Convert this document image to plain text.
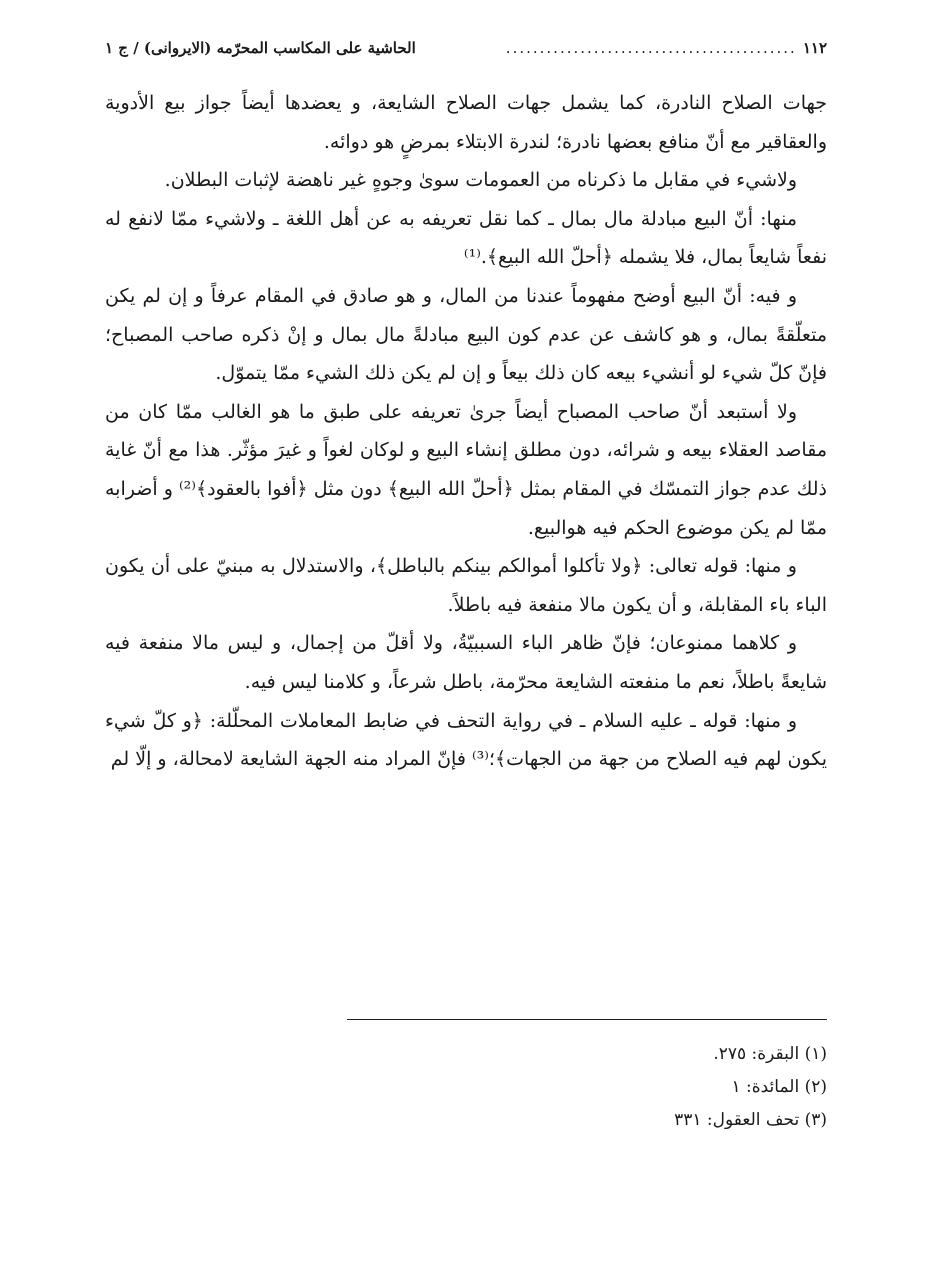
١١٢
...........................................
الحاشية على المكاسب المحرّمه (الايروانى) / ج ١

جهات الصلاح النادرة، كما يشمل جهات الصلاح الشايعة، و يعضدها أيضاً جواز بيع الأدوية والعقاقير مع أنّ منافع بعضها نادرة؛ لندرة الابتلاء بمرضٍ هو دوائه.

ولاشيء في مقابل ما ذكرناه من العمومات سوىٰ وجوهٍ غير ناهضة لإثبات البطلان.

منها: أنّ البيع مبادلة مال بمال ـ كما نقل تعريفه به عن أهل اللغة ـ ولاشيء ممّا لانفع له نفعاً شايعاً بمال، فلا يشمله ﴿أحلّ الله البيع﴾.⁽¹⁾

و فيه: أنّ البيع أوضح مفهوماً عندنا من المال، و هو صادق في المقام عرفاً و إن لم يكن متعلّقةً بمال، و هو كاشف عن عدم كون البيع مبادلةً مال بمال و إنْ ذكره صاحب المصباح؛ فإنّ كلّ شيء لو أنشيء بيعه كان ذلك بيعاً و إن لم يكن ذلك الشيء ممّا يتموّل.

ولا أستبعد أنّ صاحب المصباح أيضاً جرىٰ تعريفه على طبق ما هو الغالب ممّا كان من مقاصد العقلاء بيعه و شرائه، دون مطلق إنشاء البيع و لوكان لغواً و غيرَ مؤثّر. هذا مع أنّ غاية ذلك عدم جواز التمسّك في المقام بمثل ﴿أحلّ الله البيع﴾ دون مثل ﴿أفوا بالعقود﴾⁽²⁾ و أضرابه ممّا لم يكن موضوع الحكم فيه هوالبيع.

و منها: قوله تعالى: ﴿ولا تأكلوا أموالكم بينكم بالباطل﴾، والاستدلال به مبنيّ على أن يكون الباء باء المقابلة، و أن يكون مالا منفعة فيه باطلاً.

و كلاهما ممنوعان؛ فإنّ ظاهر الباء السببيّةُ، ولا أقلّ من إجمال، و ليس مالا منفعة فيه شايعةً باطلاً، نعم ما منفعته الشايعة محرّمة، باطل شرعاً، و كلامنا ليس فيه.

و منها: قوله ـ عليه السلام ـ في رواية التحف في ضابط المعاملات المحلّلة: ﴿و كلّ شيء يكون لهم فيه الصلاح من جهة من الجهات﴾؛⁽³⁾ فإنّ المراد منه الجهة الشايعة لامحالة، و إلّا لم

(١) البقرة: ٢٧٥.
(٢) المائدة: ١
(٣) تحف العقول: ٣٣١
